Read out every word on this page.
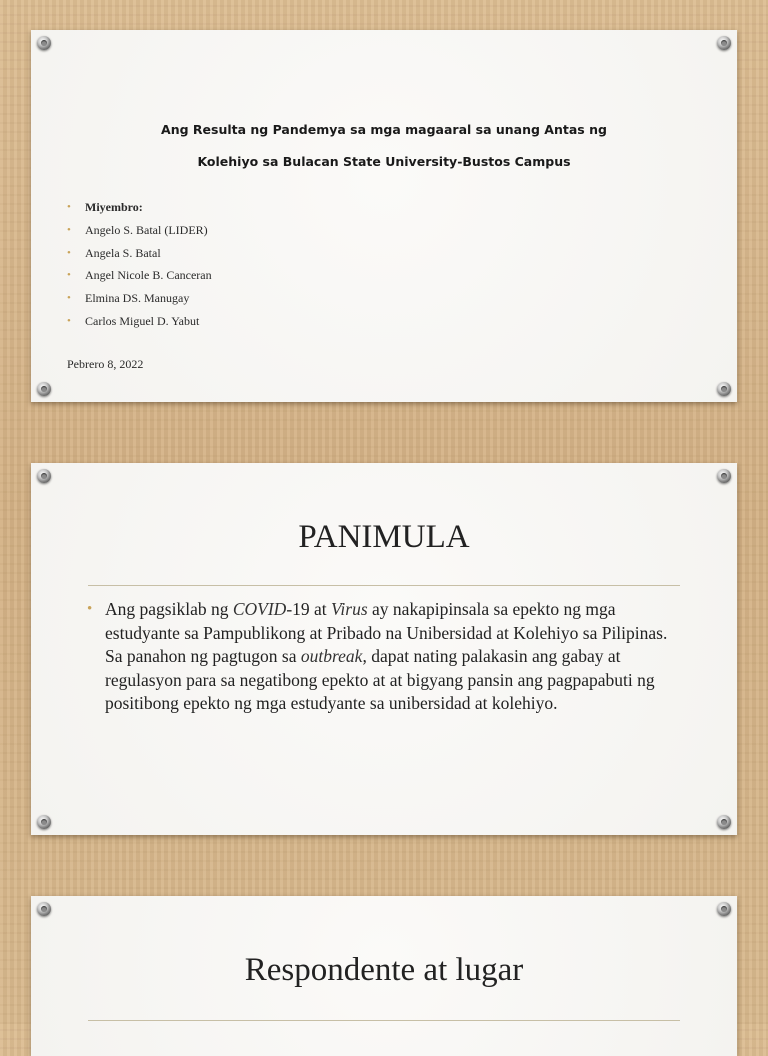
Ang Resulta ng Pandemya sa mga magaaral sa unang Antas ng
Kolehiyo sa Bulacan State University-Bustos Campus
• Miyembro:
• Angelo S. Batal (LIDER)
• Angela S. Batal
• Angel Nicole B. Canceran
• Elmina DS. Manugay
• Carlos Miguel D. Yabut
Pebrero 8, 2022
PANIMULA
• Ang pagsiklab ng COVID-19 at Virus ay nakapipinsala sa epekto ng mga estudyante sa Pampublikong at Pribado na Unibersidad at Kolehiyo sa Pilipinas. Sa panahon ng pagtugon sa outbreak, dapat nating palakasin ang gabay at regulasyon para sa negatibong epekto at at bigyang pansin ang pagpapabuti ng positibong epekto ng mga estudyante sa unibersidad at kolehiyo.
Respondente at lugar
